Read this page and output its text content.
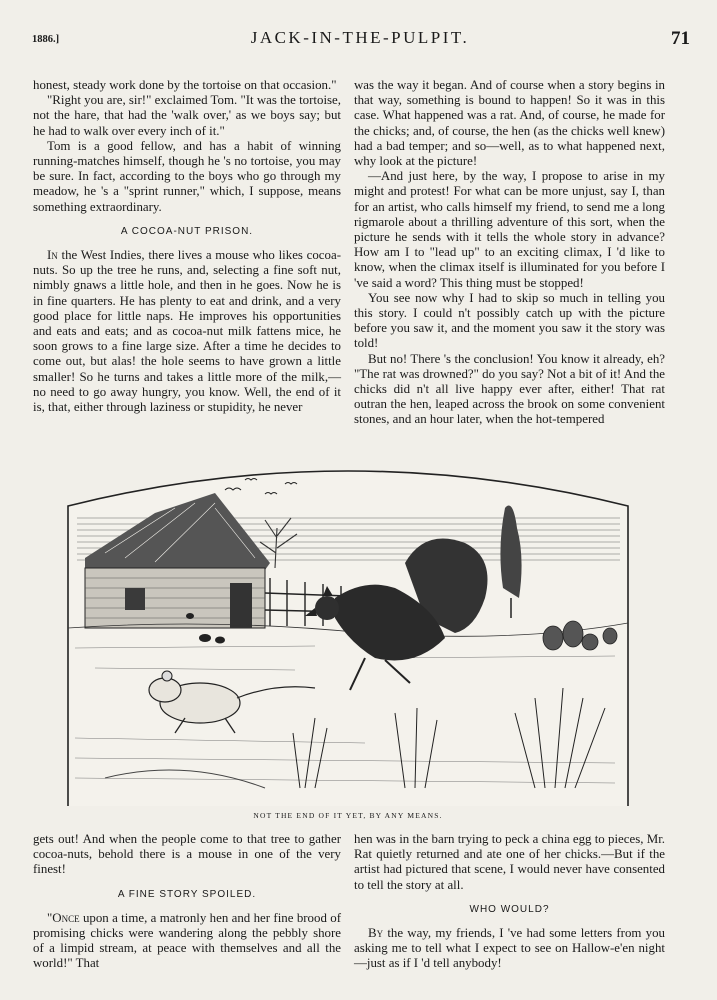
1886.]	JACK-IN-THE-PULPIT.	71

honest, steady work done by the tortoise on that occasion."

"Right you are, sir!" exclaimed Tom. "It was the tortoise, not the hare, that had the 'walk over,' as we boys say; but he had to walk over every inch of it."

Tom is a good fellow, and has a habit of winning running-matches himself, though he 's no tortoise, you may be sure. In fact, according to the boys who go through my meadow, he 's a "sprint runner," which, I suppose, means something extraordinary.

A COCOA-NUT PRISON.

In the West Indies, there lives a mouse who likes cocoa-nuts. So up the tree he runs, and, selecting a fine soft nut, nimbly gnaws a little hole, and then in he goes. Now he is in fine quarters. He has plenty to eat and drink, and a very good place for little naps. He improves his opportunities and eats and eats; and as cocoa-nut milk fattens mice, he soon grows to a fine large size. After a time he decides to come out, but alas! the hole seems to have grown a little smaller! So he turns and takes a little more of the milk,—no need to go away hungry, you know. Well, the end of it is, that, either through laziness or stupidity, he never

was the way it began. And of course when a story begins in that way, something is bound to happen! So it was in this case. What happened was a rat. And, of course, he made for the chicks; and, of course, the hen (as the chicks well knew) had a bad temper; and so—well, as to what happened next, why look at the picture!

—And just here, by the way, I propose to arise in my might and protest! For what can be more unjust, say I, than for an artist, who calls himself my friend, to send me a long rigmarole about a thrilling adventure of this sort, when the picture he sends with it tells the whole story in advance? How am I to "lead up" to an exciting climax, I 'd like to know, when the climax itself is illuminated for you before I 've said a word? This thing must be stopped!

You see now why I had to skip so much in telling you this story. I could n't possibly catch up with the picture before you saw it, and the moment you saw it the story was told!

But no! There 's the conclusion! You know it already, eh? "The rat was drowned?" do you say? Not a bit of it! And the chicks did n't all live happy ever after, either! That rat outran the hen, leaped across the brook on some convenient stones, and an hour later, when the hot-tempered

NOT THE END OF IT YET, BY ANY MEANS.

gets out! And when the people come to that tree to gather cocoa-nuts, behold there is a mouse in one of the very finest!

A FINE STORY SPOILED.

"Once upon a time, a matronly hen and her fine brood of promising chicks were wandering along the pebbly shore of a limpid stream, at peace with themselves and all the world!" That

hen was in the barn trying to peck a china egg to pieces, Mr. Rat quietly returned and ate one of her chicks.—But if the artist had pictured that scene, I would never have consented to tell the story at all.

WHO WOULD?

By the way, my friends, I 've had some letters from you asking me to tell what I expect to see on Hallow-e'en night—just as if I 'd tell anybody!
